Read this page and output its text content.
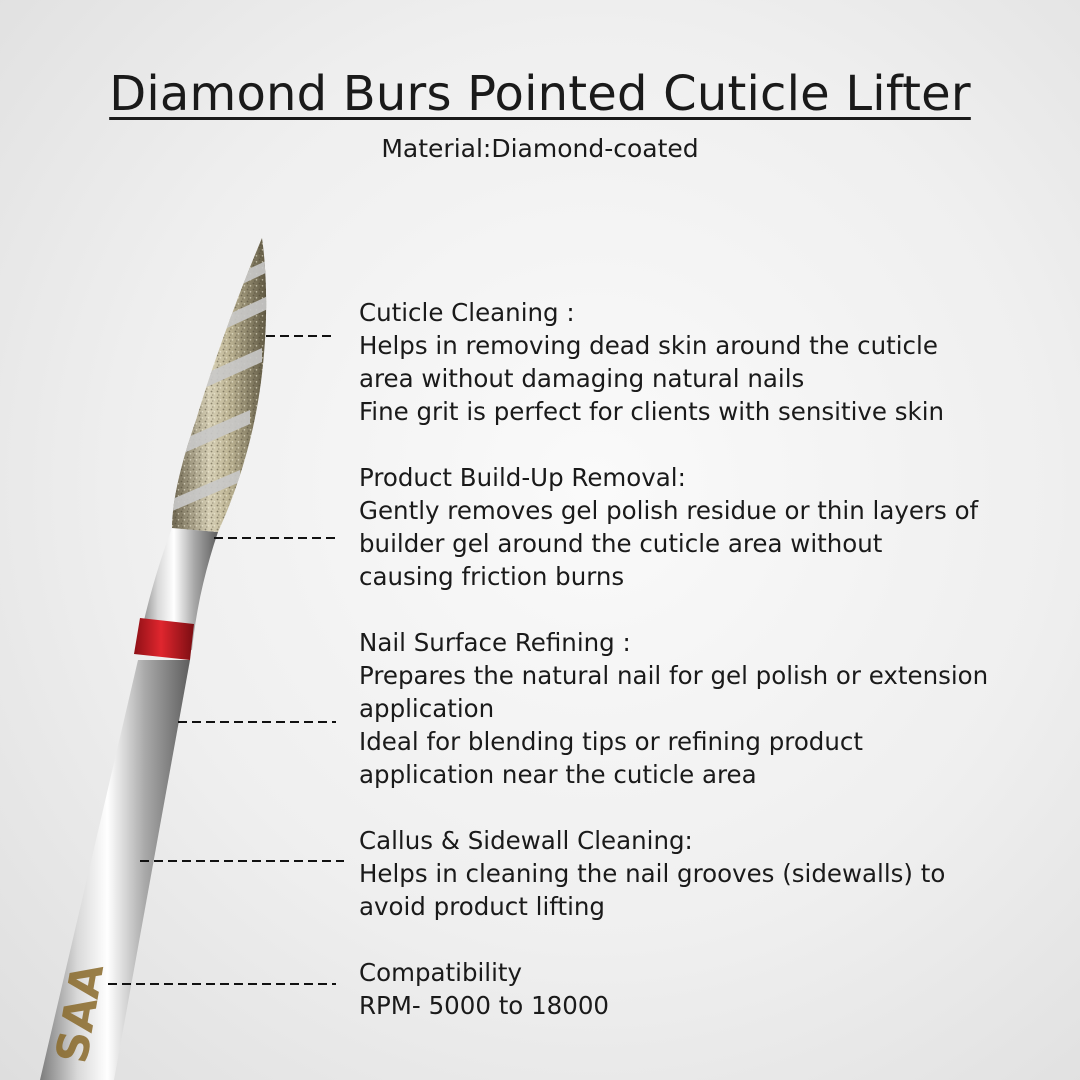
Diamond Burs Pointed Cuticle Lifter
Material:Diamond-coated
SAA

Cuticle Cleaning :

Helps in removing dead skin around the cuticle

area without damaging natural nails

Fine grit is perfect for clients with sensitive skin

Product Build-Up Removal:

Gently removes gel polish residue or thin layers of

builder gel around the cuticle area without

causing friction burns

Nail Surface Refining :

Prepares the natural nail for gel polish or extension

application

Ideal for blending tips or refining product

application near the cuticle area

Callus & Sidewall Cleaning:

Helps in cleaning the nail grooves (sidewalls) to

avoid product lifting

Compatibility

RPM- 5000 to 18000
